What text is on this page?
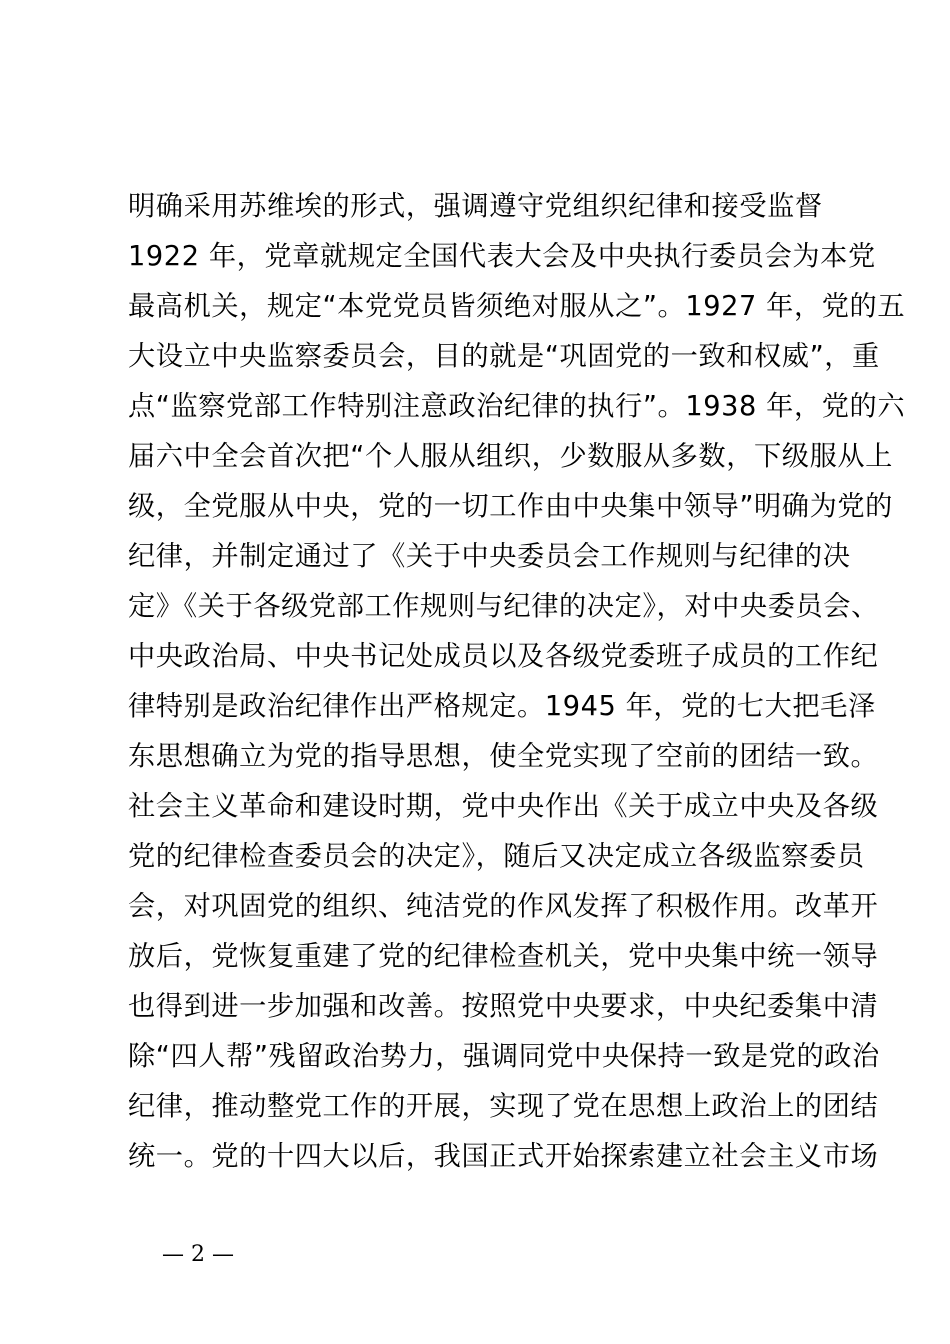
明确采用苏维埃的形式，强调遵守党组织纪律和接受监督
1922 年，党章就规定全国代表大会及中央执行委员会为本党
最高机关，规定“本党党员皆须绝对服从之”。1927 年，党的五
大设立中央监察委员会，目的就是“巩固党的一致和权威”，重
点“监察党部工作特别注意政治纪律的执行”。1938 年，党的六
届六中全会首次把“个人服从组织，少数服从多数，下级服从上
级，全党服从中央，党的一切工作由中央集中领导”明确为党的
纪律，并制定通过了《关于中央委员会工作规则与纪律的决
定》《关于各级党部工作规则与纪律的决定》，对中央委员会、
中央政治局、中央书记处成员以及各级党委班子成员的工作纪
律特别是政治纪律作出严格规定。1945 年，党的七大把毛泽
东思想确立为党的指导思想，使全党实现了空前的团结一致。
社会主义革命和建设时期，党中央作出《关于成立中央及各级
党的纪律检查委员会的决定》，随后又决定成立各级监察委员
会，对巩固党的组织、纯洁党的作风发挥了积极作用。改革开
放后，党恢复重建了党的纪律检查机关，党中央集中统一领导
也得到进一步加强和改善。按照党中央要求，中央纪委集中清
除“四人帮”残留政治势力，强调同党中央保持一致是党的政治
纪律，推动整党工作的开展，实现了党在思想上政治上的团结
统一。党的十四大以后，我国正式开始探索建立社会主义市场
— 2 —
